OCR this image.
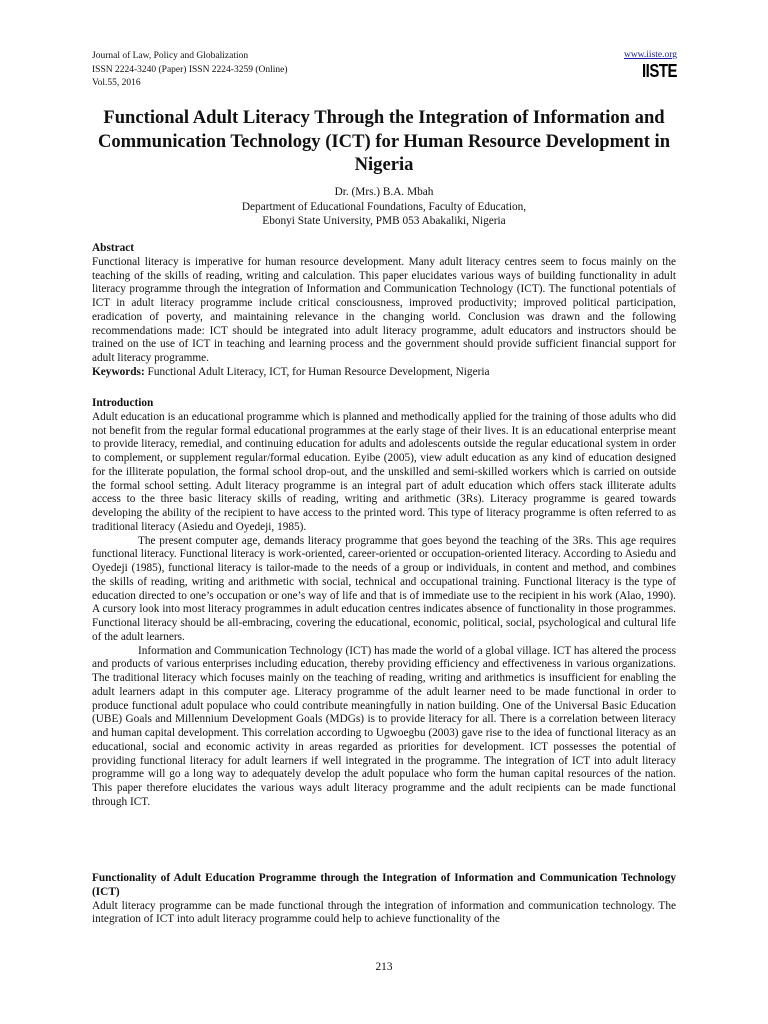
Journal of Law, Policy and Globalization
ISSN 2224-3240 (Paper) ISSN 2224-3259 (Online)
Vol.55, 2016
www.iiste.org
IISTE
Functional Adult Literacy Through the Integration of Information and Communication Technology (ICT) for Human Resource Development in Nigeria
Dr. (Mrs.) B.A. Mbah
Department of Educational Foundations, Faculty of Education,
Ebonyi State University, PMB 053 Abakaliki, Nigeria
Abstract

Functional literacy is imperative for human resource development. Many adult literacy centres seem to focus mainly on the teaching of the skills of reading, writing and calculation. This paper elucidates various ways of building functionality in adult literacy programme through the integration of Information and Communication Technology (ICT). The functional potentials of ICT in adult literacy programme include critical consciousness, improved productivity; improved political participation, eradication of poverty, and maintaining relevance in the changing world. Conclusion was drawn and the following recommendations made: ICT should be integrated into adult literacy programme, adult educators and instructors should be trained on the use of ICT in teaching and learning process and the government should provide sufficient financial support for adult literacy programme.

Keywords: Functional Adult Literacy, ICT, for Human Resource Development, Nigeria

Introduction

Adult education is an educational programme which is planned and methodically applied for the training of those adults who did not benefit from the regular formal educational programmes at the early stage of their lives. It is an educational enterprise meant to provide literacy, remedial, and continuing education for adults and adolescents outside the regular educational system in order to complement, or supplement regular/formal education. Eyibe (2005), view adult education as any kind of education designed for the illiterate population, the formal school drop-out, and the unskilled and semi-skilled workers which is carried on outside the formal school setting. Adult literacy programme is an integral part of adult education which offers stack illiterate adults access to the three basic literacy skills of reading, writing and arithmetic (3Rs). Literacy programme is geared towards developing the ability of the recipient to have access to the printed word. This type of literacy programme is often referred to as traditional literacy (Asiedu and Oyedeji, 1985).

The present computer age, demands literacy programme that goes beyond the teaching of the 3Rs. This age requires functional literacy. Functional literacy is work-oriented, career-oriented or occupation-oriented literacy. According to Asiedu and Oyedeji (1985), functional literacy is tailor-made to the needs of a group or individuals, in content and method, and combines the skills of reading, writing and arithmetic with social, technical and occupational training. Functional literacy is the type of education directed to one’s occupation or one’s way of life and that is of immediate use to the recipient in his work (Alao, 1990). A cursory look into most literacy programmes in adult education centres indicates absence of functionality in those programmes. Functional literacy should be all-embracing, covering the educational, economic, political, social, psychological and cultural life of the adult learners.

Information and Communication Technology (ICT) has made the world of a global village. ICT has altered the process and products of various enterprises including education, thereby providing efficiency and effectiveness in various organizations. The traditional literacy which focuses mainly on the teaching of reading, writing and arithmetics is insufficient for enabling the adult learners adapt in this computer age. Literacy programme of the adult learner need to be made functional in order to produce functional adult populace who could contribute meaningfully in nation building. One of the Universal Basic Education (UBE) Goals and Millennium Development Goals (MDGs) is to provide literacy for all. There is a correlation between literacy and human capital development. This correlation according to Ugwoegbu (2003) gave rise to the idea of functional literacy as an educational, social and economic activity in areas regarded as priorities for development. ICT possesses the potential of providing functional literacy for adult learners if well integrated in the programme. The integration of ICT into adult literacy programme will go a long way to adequately develop the adult populace who form the human capital resources of the nation. This paper therefore elucidates the various ways adult literacy programme and the adult recipients can be made functional through ICT.

Functionality of Adult Education Programme through the Integration of Information and Communication Technology (ICT)

Adult literacy programme can be made functional through the integration of information and communication technology. The integration of ICT into adult literacy programme could help to achieve functionality of the

213
